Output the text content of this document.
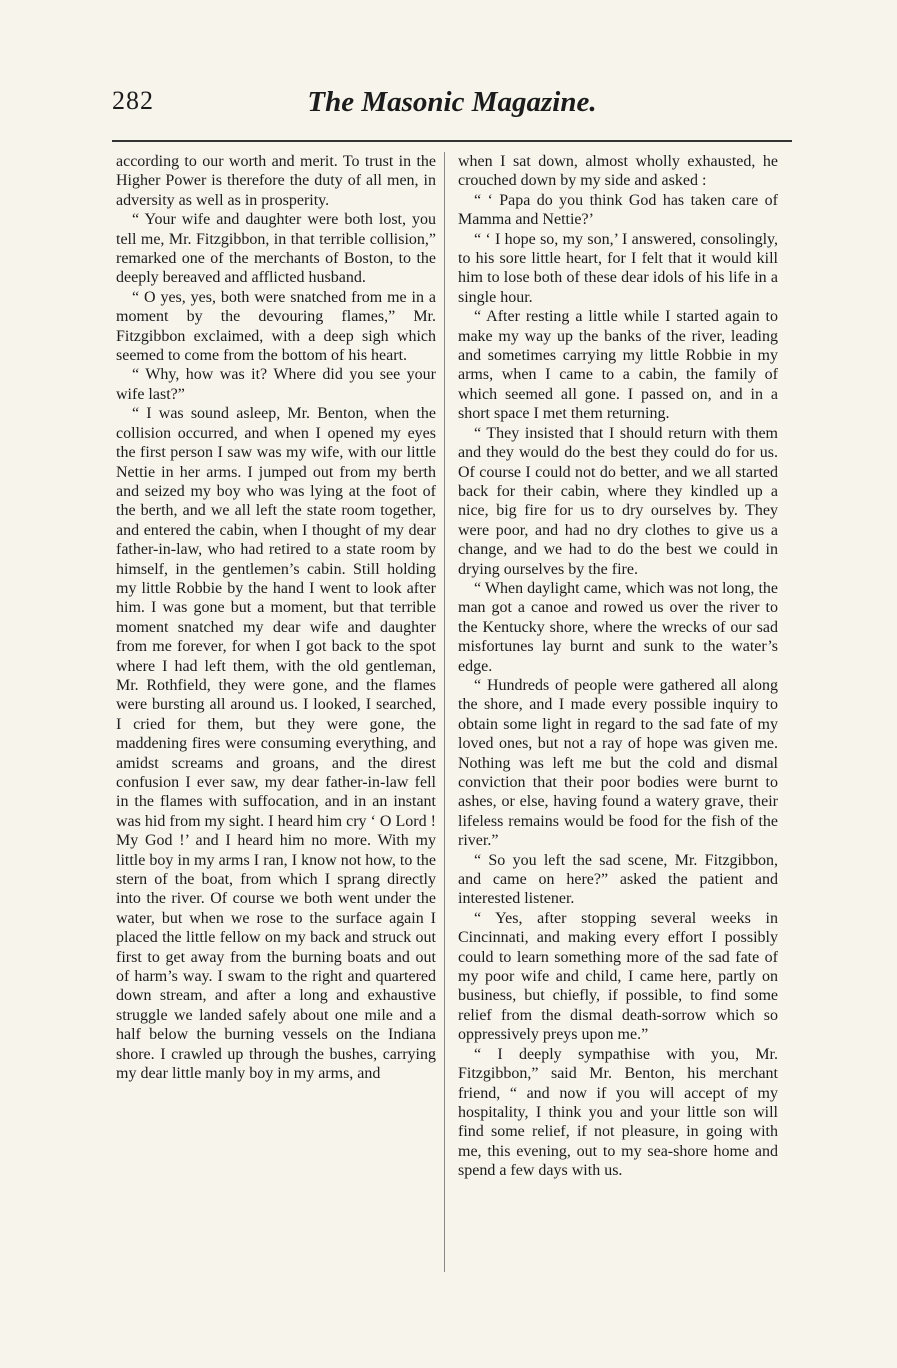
282	The Masonic Magazine.

according to our worth and merit. To trust in the Higher Power is therefore the duty of all men, in adversity as well as in prosperity.

“ Your wife and daughter were both lost, you tell me, Mr. Fitzgibbon, in that terrible collision,” remarked one of the merchants of Boston, to the deeply bereaved and afflicted husband.

“ O yes, yes, both were snatched from me in a moment by the devouring flames,” Mr. Fitzgibbon exclaimed, with a deep sigh which seemed to come from the bottom of his heart.

“ Why, how was it? Where did you see your wife last?”

“ I was sound asleep, Mr. Benton, when the collision occurred, and when I opened my eyes the first person I saw was my wife, with our little Nettie in her arms. I jumped out from my berth and seized my boy who was lying at the foot of the berth, and we all left the state room together, and entered the cabin, when I thought of my dear father-in-law, who had retired to a state room by himself, in the gentlemen’s cabin. Still holding my little Robbie by the hand I went to look after him. I was gone but a moment, but that terrible moment snatched my dear wife and daughter from me forever, for when I got back to the spot where I had left them, with the old gentleman, Mr. Rothfield, they were gone, and the flames were bursting all around us. I looked, I searched, I cried for them, but they were gone, the maddening fires were consuming everything, and amidst screams and groans, and the direst confusion I ever saw, my dear father-in-law fell in the flames with suffocation, and in an instant was hid from my sight. I heard him cry ‘ O Lord ! My God !’ and I heard him no more. With my little boy in my arms I ran, I know not how, to the stern of the boat, from which I sprang directly into the river. Of course we both went under the water, but when we rose to the surface again I placed the little fellow on my back and struck out first to get away from the burning boats and out of harm’s way. I swam to the right and quartered down stream, and after a long and exhaustive struggle we landed safely about one mile and a half below the burning vessels on the Indiana shore. I crawled up through the bushes, carrying my dear little manly boy in my arms, and

when I sat down, almost wholly exhausted, he crouched down by my side and asked :

“ ‘ Papa do you think God has taken care of Mamma and Nettie?’

“ ‘ I hope so, my son,’ I answered, consolingly, to his sore little heart, for I felt that it would kill him to lose both of these dear idols of his life in a single hour.

“ After resting a little while I started again to make my way up the banks of the river, leading and sometimes carrying my little Robbie in my arms, when I came to a cabin, the family of which seemed all gone. I passed on, and in a short space I met them returning.

“ They insisted that I should return with them and they would do the best they could do for us. Of course I could not do better, and we all started back for their cabin, where they kindled up a nice, big fire for us to dry ourselves by. They were poor, and had no dry clothes to give us a change, and we had to do the best we could in drying ourselves by the fire.

“ When daylight came, which was not long, the man got a canoe and rowed us over the river to the Kentucky shore, where the wrecks of our sad misfortunes lay burnt and sunk to the water’s edge.

“ Hundreds of people were gathered all along the shore, and I made every possible inquiry to obtain some light in regard to the sad fate of my loved ones, but not a ray of hope was given me. Nothing was left me but the cold and dismal conviction that their poor bodies were burnt to ashes, or else, having found a watery grave, their lifeless remains would be food for the fish of the river.”

“ So you left the sad scene, Mr. Fitzgibbon, and came on here?” asked the patient and interested listener.

“ Yes, after stopping several weeks in Cincinnati, and making every effort I possibly could to learn something more of the sad fate of my poor wife and child, I came here, partly on business, but chiefly, if possible, to find some relief from the dismal death-sorrow which so oppressively preys upon me.”

“ I deeply sympathise with you, Mr. Fitzgibbon,” said Mr. Benton, his merchant friend, “ and now if you will accept of my hospitality, I think you and your little son will find some relief, if not pleasure, in going with me, this evening, out to my sea-shore home and spend a few days with us.
